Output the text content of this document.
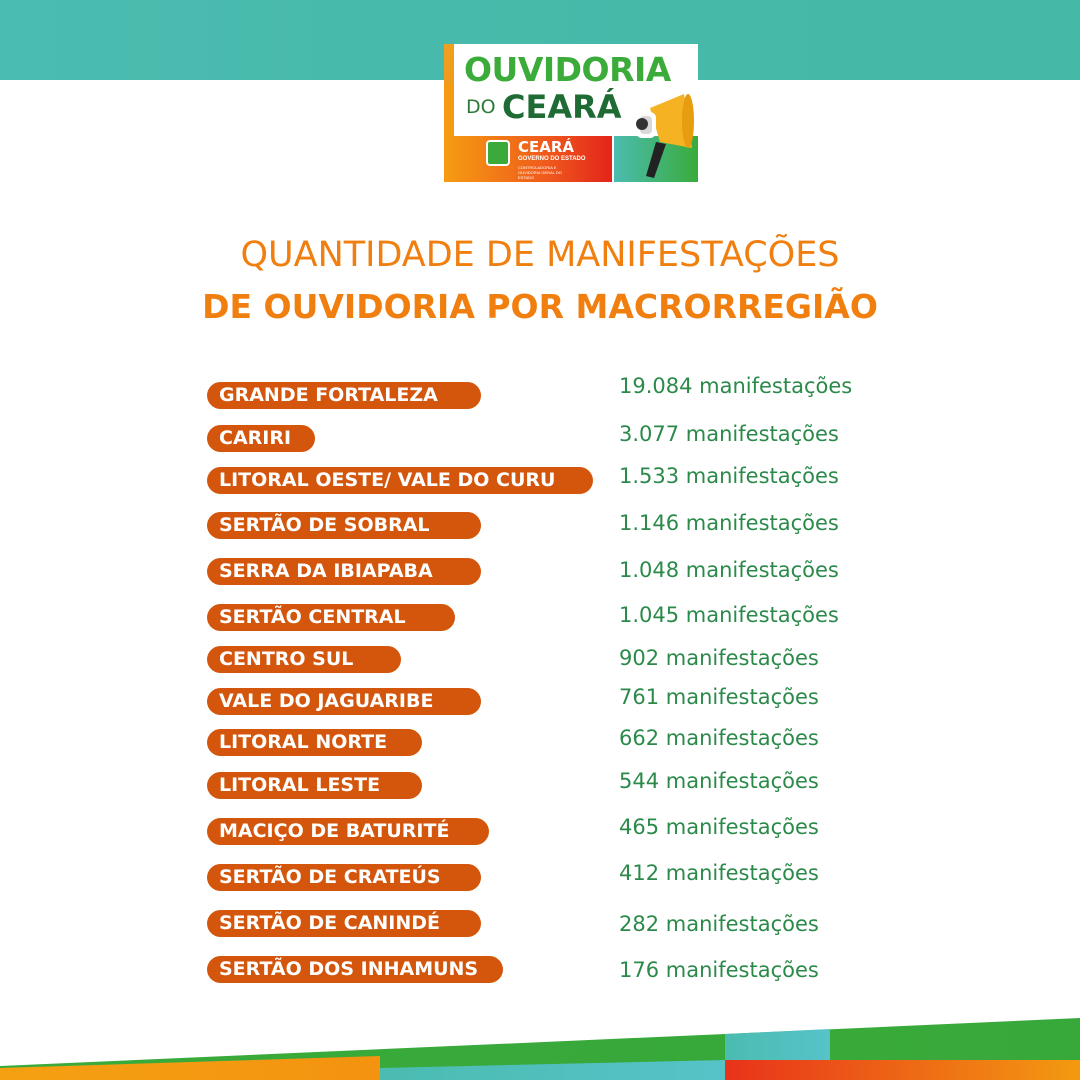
OUVIDORIA
DO CEARÁ
CEARÁ
GOVERNO DO ESTADO
CONTROLADORIA E OUVIDORIA GERAL DO ESTADO
QUANTIDADE DE MANIFESTAÇÕES
DE OUVIDORIA POR MACRORREGIÃO
GRANDE FORTALEZA	19.084 manifestações
CARIRI	3.077 manifestações
LITORAL OESTE/ VALE DO CURU	1.533 manifestações
SERTÃO DE SOBRAL	1.146 manifestações
SERRA DA IBIAPABA	1.048 manifestações
SERTÃO CENTRAL	1.045 manifestações
CENTRO SUL	902 manifestações
VALE DO JAGUARIBE	761 manifestações
LITORAL NORTE	662 manifestações
LITORAL LESTE	544 manifestações
MACIÇO DE BATURITÉ	465 manifestações
SERTÃO DE CRATEÚS	412 manifestações
SERTÃO DE CANINDÉ	282 manifestações
SERTÃO DOS INHAMUNS	176 manifestações
